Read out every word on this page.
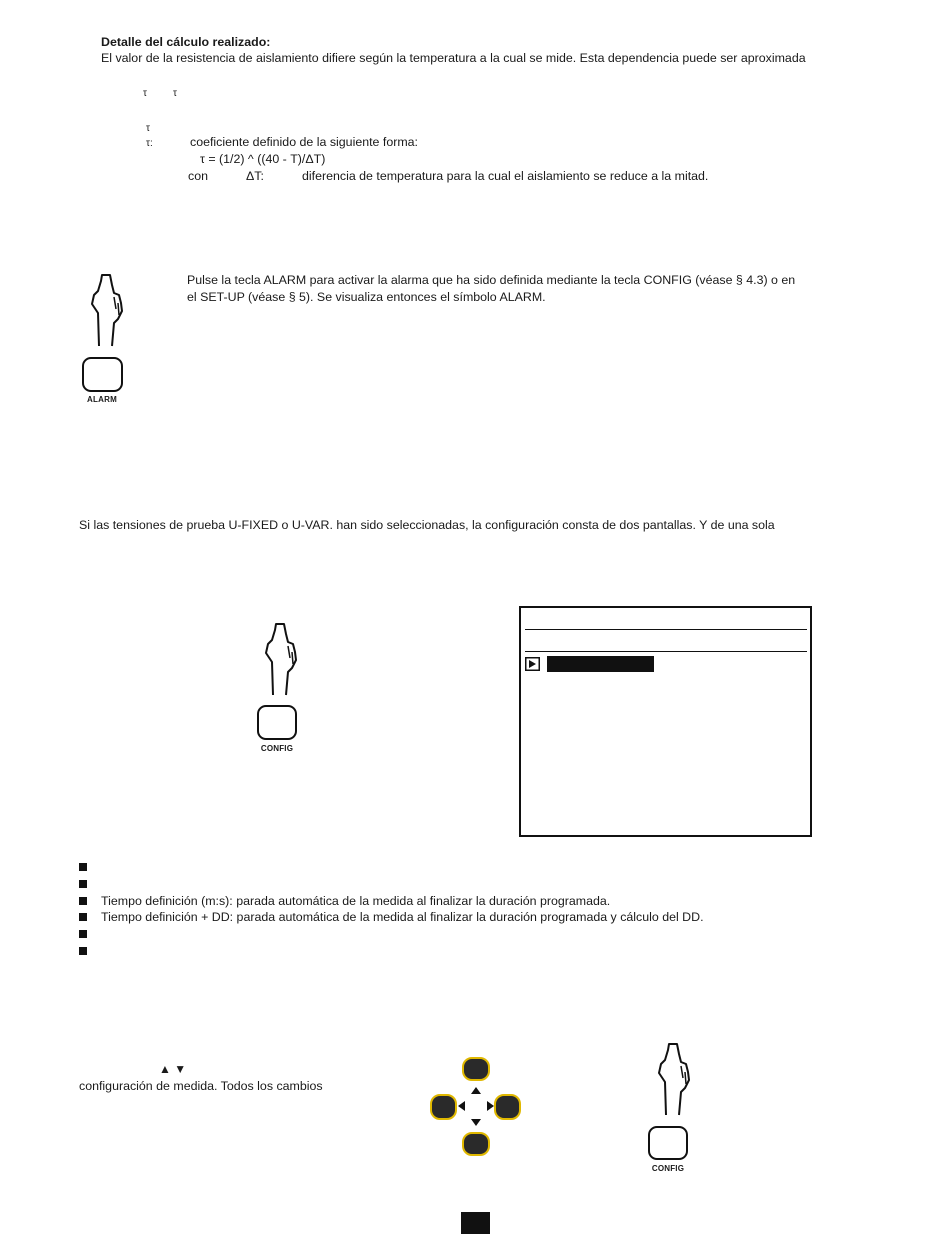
Detalle del cálculo realizado:
El valor de la resistencia de aislamiento difiere según la temperatura a la cual se mide. Esta dependencia puede ser aproximada
τ	τ
τ
τ:	coeficiente definido de la siguiente forma:
τ = (1/2) ^ ((40 - T)/ΔT)
con	ΔT:	diferencia de temperatura para la cual el aislamiento se reduce a la mitad.
ALARM
Pulse la tecla ALARM para activar la alarma que ha sido definida mediante la tecla CONFIG (véase § 4.3) o en
el SET-UP (véase § 5). Se visualiza entonces el símbolo ALARM.
Si las tensiones de prueba U-FIXED o U-VAR. han sido seleccionadas, la configuración consta de dos pantallas. Y de una sola
CONFIG
Tiempo definición (m:s): parada automática de la medida al finalizar la duración programada.
Tiempo definición + DD: parada automática de la medida al finalizar la duración programada y cálculo del DD.
▲ ▼
configuración de medida. Todos los cambios
CONFIG
